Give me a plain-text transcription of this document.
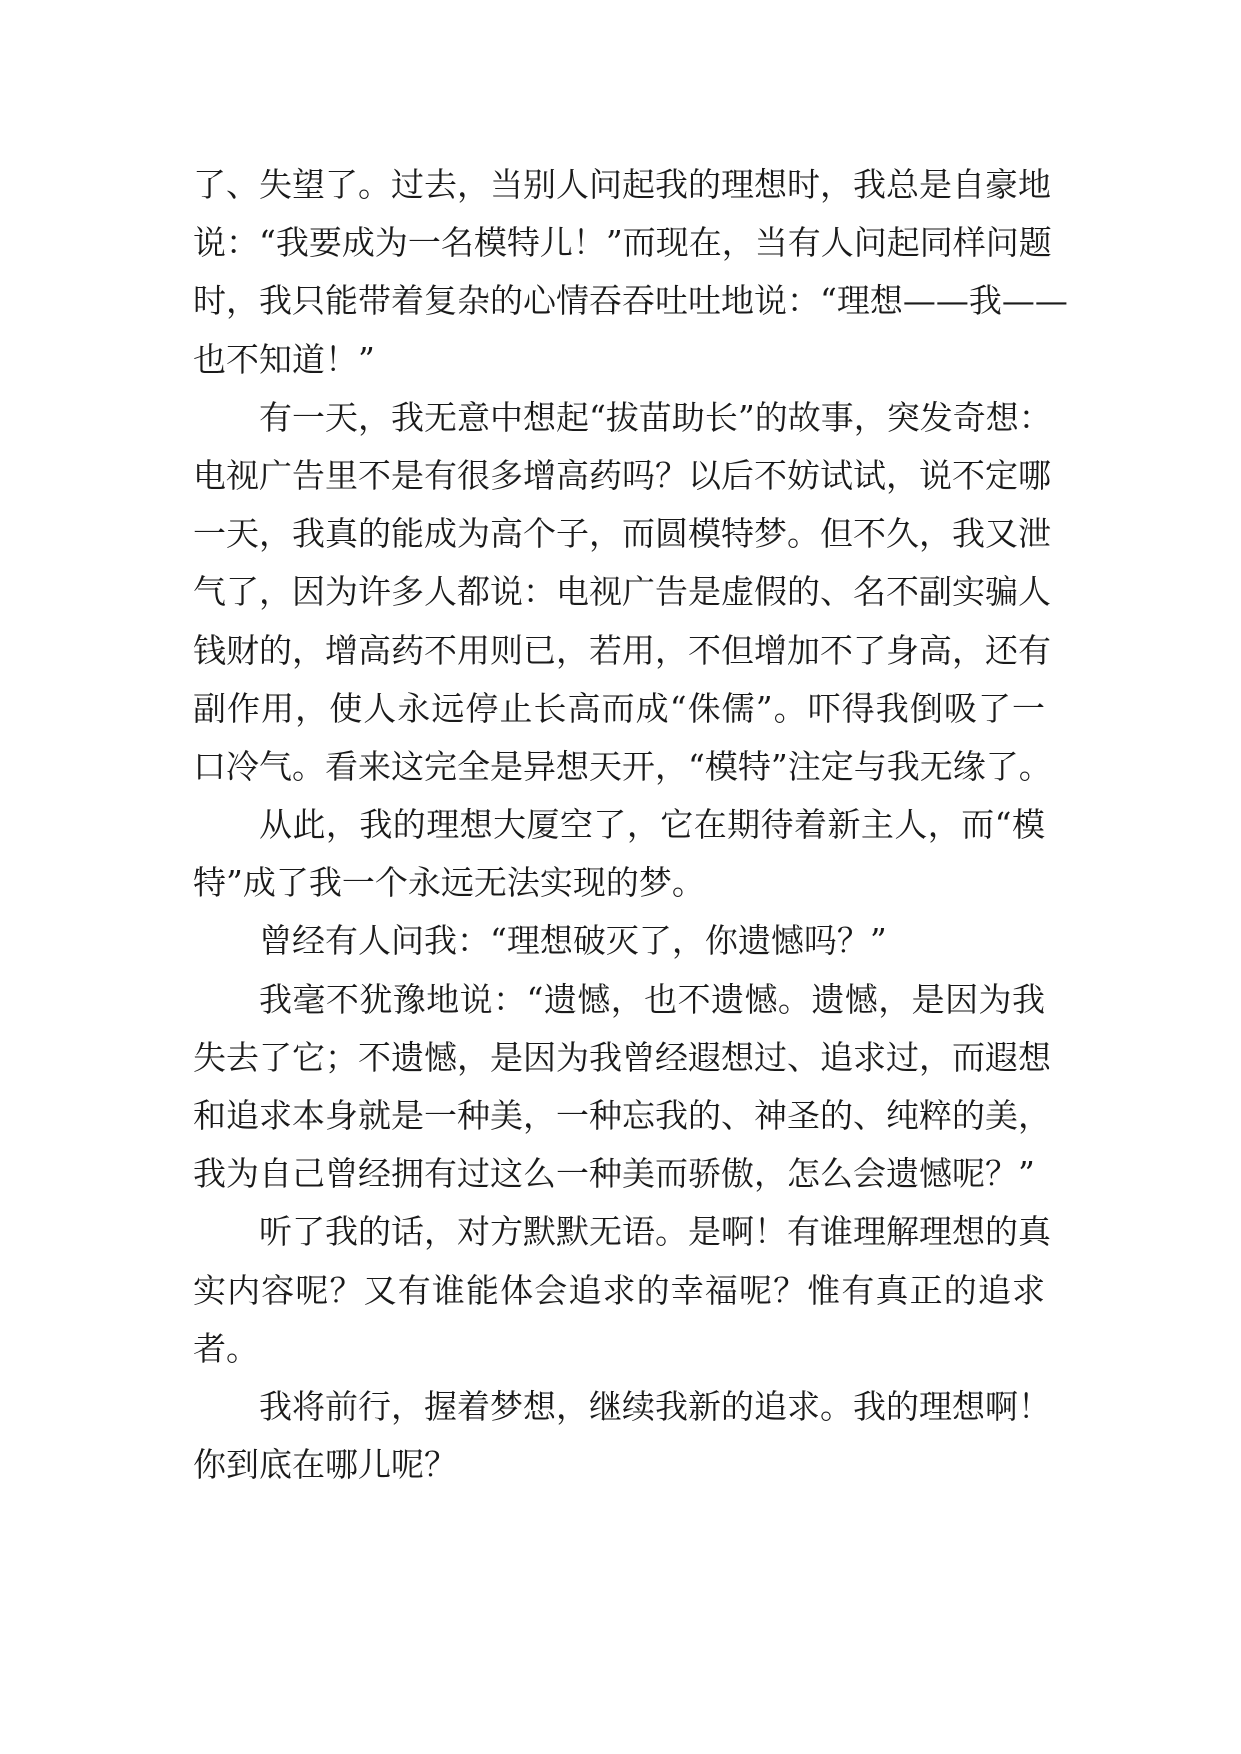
了、失望了。过去，当别人问起我的理想时，我总是自豪地
说：“我要成为一名模特儿！”而现在，当有人问起同样问题
时，我只能带着复杂的心情吞吞吐吐地说：“理想——我——
也不知道！”
有一天，我无意中想起“拔苗助长”的故事，突发奇想：
电视广告里不是有很多增高药吗？以后不妨试试，说不定哪
一天，我真的能成为高个子，而圆模特梦。但不久，我又泄
气了，因为许多人都说：电视广告是虚假的、名不副实骗人
钱财的，增高药不用则已，若用，不但增加不了身高，还有
副作用，使人永远停止长高而成“侏儒”。吓得我倒吸了一
口冷气。看来这完全是异想天开，“模特”注定与我无缘了。
从此，我的理想大厦空了，它在期待着新主人，而“模
特”成了我一个永远无法实现的梦。
曾经有人问我：“理想破灭了，你遗憾吗？”
我毫不犹豫地说：“遗憾，也不遗憾。遗憾，是因为我
失去了它；不遗憾，是因为我曾经遐想过、追求过，而遐想
和追求本身就是一种美，一种忘我的、神圣的、纯粹的美，
我为自己曾经拥有过这么一种美而骄傲，怎么会遗憾呢？”
听了我的话，对方默默无语。是啊！有谁理解理想的真
实内容呢？又有谁能体会追求的幸福呢？惟有真正的追求
者。
我将前行，握着梦想，继续我新的追求。我的理想啊！
你到底在哪儿呢？
